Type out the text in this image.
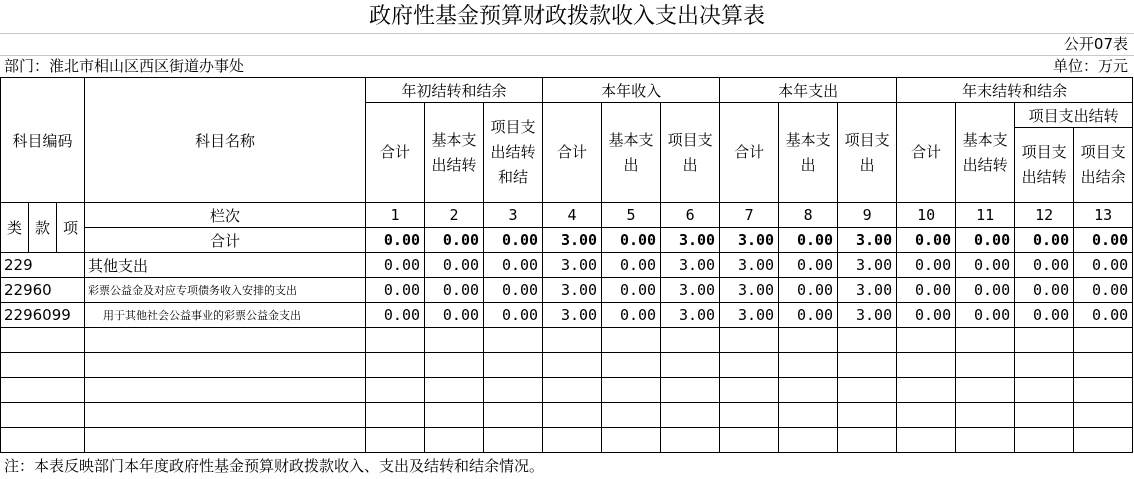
政府性基金预算财政拨款收入支出决算表
公开07表
部门：淮北市相山区西区街道办事处	单位：万元
科目编码			科目名称	年初结转和结余			本年收入			本年支出			年末结转和结余			
				合计	基本支出结转	项目支出结转和结	合计	基本支出	项目支出	合计	基本支出	项目支出	合计	基本支出结转	项目支出结转	
															项目支出结转	项目支出结余
类	款	项	栏次	1	2	3	4	5	6	7	8	9	10	11	12	13
			合计	0.00	0.00	0.00	3.00	0.00	3.00	3.00	0.00	3.00	0.00	0.00	0.00	0.00
229			其他支出	0.00	0.00	0.00	3.00	0.00	3.00	3.00	0.00	3.00	0.00	0.00	0.00	0.00
22960			彩票公益金及对应专项债务收入安排的支出	0.00	0.00	0.00	3.00	0.00	3.00	3.00	0.00	3.00	0.00	0.00	0.00	0.00
2296099			用于其他社会公益事业的彩票公益金支出	0.00	0.00	0.00	3.00	0.00	3.00	3.00	0.00	3.00	0.00	0.00	0.00	0.00

注：本表反映部门本年度政府性基金预算财政拨款收入、支出及结转和结余情况。
